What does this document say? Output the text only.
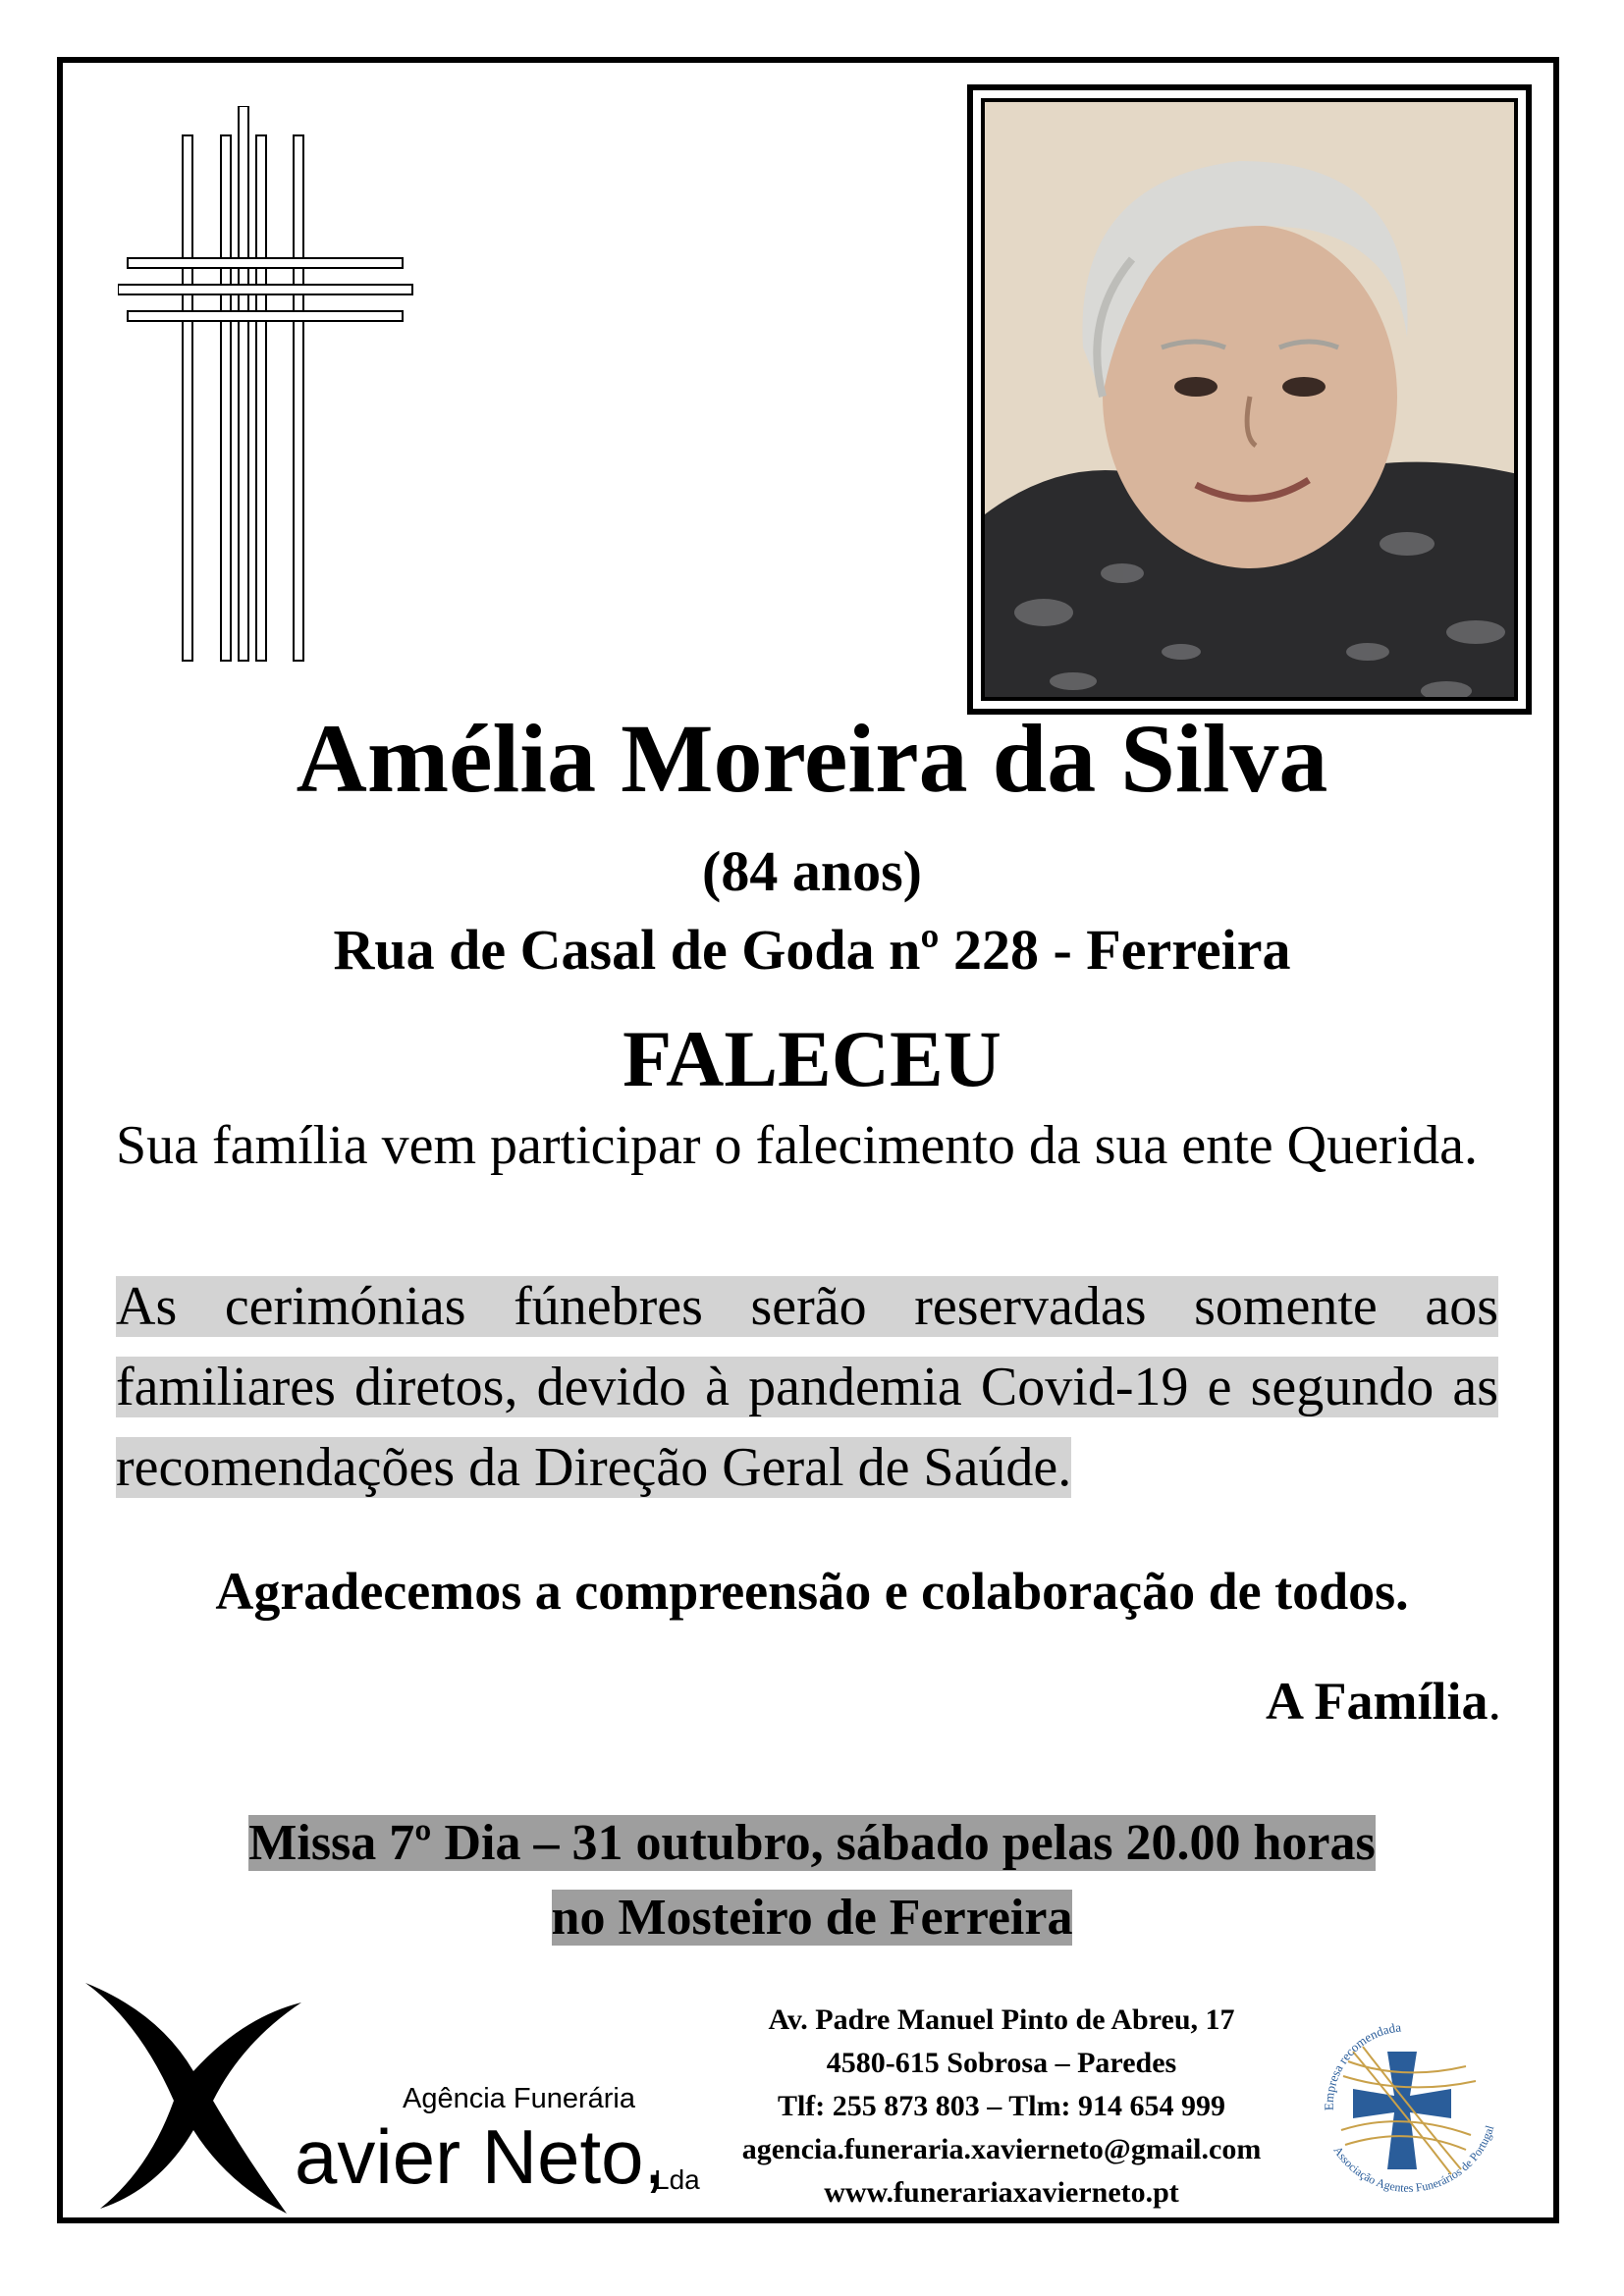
Amélia Moreira da Silva
(84 anos)
Rua de Casal de Goda nº 228 - Ferreira
FALECEU
Sua família vem participar o falecimento da sua ente Querida.
As cerimónias fúnebres serão reservadas somente aos familiares diretos, devido à pandemia Covid-19 e segundo as recomendações da Direção Geral de Saúde.
Agradecemos a compreensão e colaboração de todos.
A Família.
Missa 7º Dia – 31 outubro, sábado pelas 20.00 horas
no Mosteiro de Ferreira
Agência Funerária
avier Neto,
Lda
Av. Padre Manuel Pinto de Abreu, 17
4580-615 Sobrosa – Paredes
Tlf: 255 873 803 – Tlm: 914 654 999
agencia.funeraria.xavierneto@gmail.com
www.funerariaxavierneto.pt
Empresa recomendada
Associação Agentes Funerários de Portugal
